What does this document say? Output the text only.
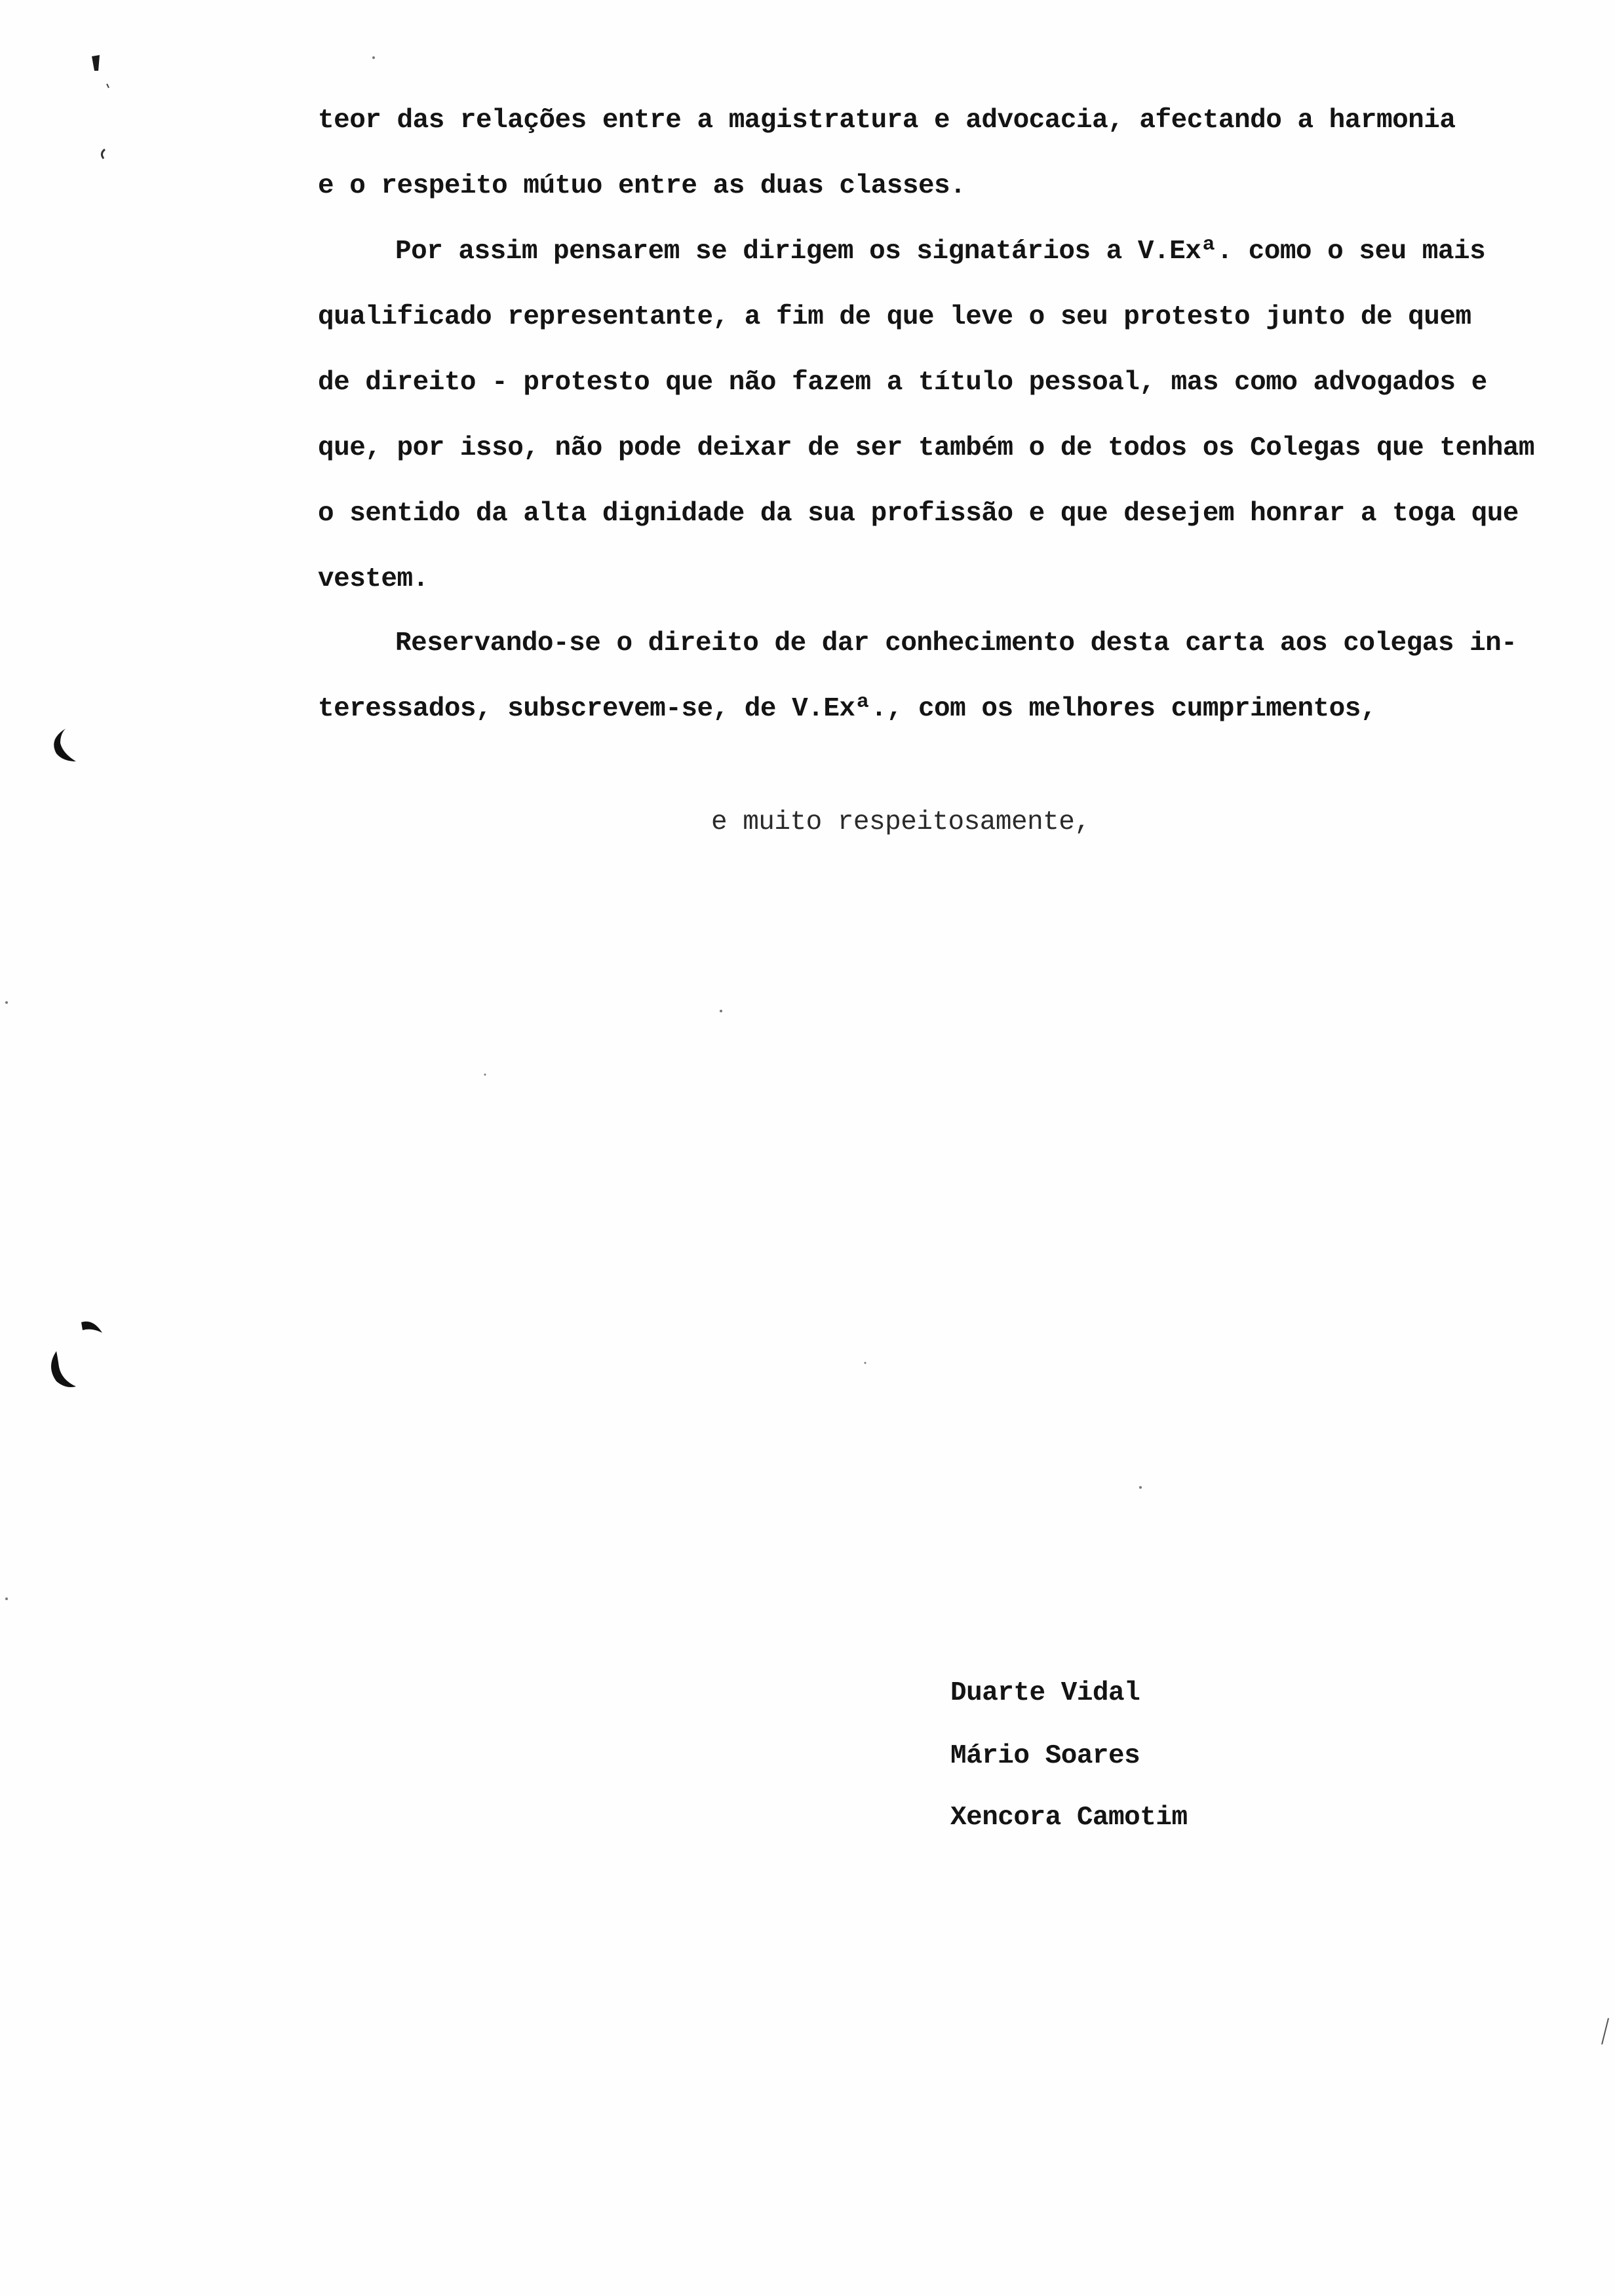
teor das relações entre a magistratura e advocacia, afectando a harmonia
e o respeito mútuo entre as duas classes.
Por assim pensarem se dirigem os signatários a V.Exª. como o seu mais
qualificado representante, a fim de que leve o seu protesto junto de quem
de direito - protesto que não fazem a título pessoal, mas como advogados e
que, por isso, não pode deixar de ser também o de todos os Colegas que tenham
o sentido da alta dignidade da sua profissão e que desejem honrar a toga que
vestem.
Reservando-se o direito de dar conhecimento desta carta aos colegas in-
teressados, subscrevem-se, de V.Exª., com os melhores cumprimentos,
e muito respeitosamente,
Duarte Vidal
Mário Soares
Xencora Camotim
